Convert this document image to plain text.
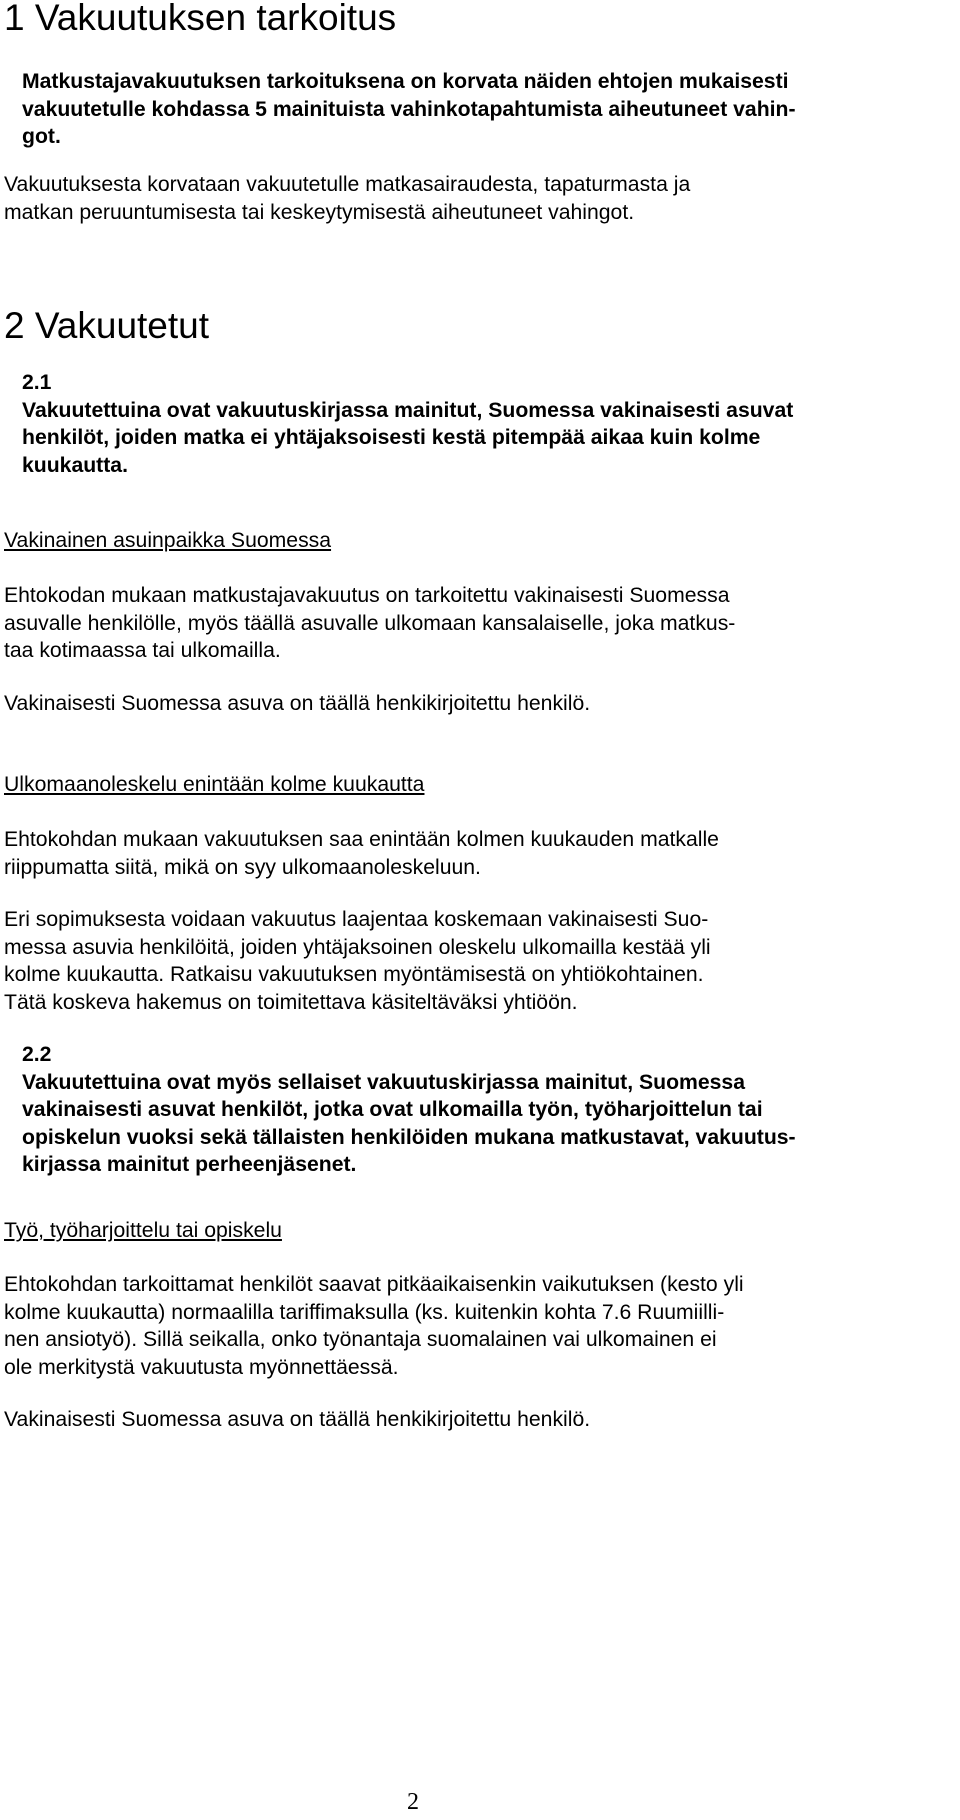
1 Vakuutuksen tarkoitus
Matkustajavakuutuksen tarkoituksena on korvata näiden ehtojen mukaisesti
vakuutetulle kohdassa 5 mainituista vahinkotapahtumista aiheutuneet vahin-
got.
Vakuutuksesta korvataan vakuutetulle matkasairaudesta, tapaturmasta ja
matkan peruuntumisesta tai keskeytymisestä aiheutuneet vahingot.
2 Vakuutetut
2.1
Vakuutettuina ovat vakuutuskirjassa mainitut, Suomessa vakinaisesti asuvat
henkilöt, joiden matka ei yhtäjaksoisesti kestä pitempää aikaa kuin kolme
kuukautta.
Vakinainen asuinpaikka Suomessa
Ehtokodan mukaan matkustajavakuutus on tarkoitettu vakinaisesti Suomessa
asuvalle henkilölle, myös täällä asuvalle ulkomaan kansalaiselle, joka matkus-
taa kotimaassa tai ulkomailla.
Vakinaisesti Suomessa asuva on täällä henkikirjoitettu henkilö.
Ulkomaanoleskelu enintään kolme kuukautta
Ehtokohdan mukaan vakuutuksen saa enintään kolmen kuukauden matkalle
riippumatta siitä, mikä on syy ulkomaanoleskeluun.
Eri sopimuksesta voidaan vakuutus laajentaa koskemaan vakinaisesti Suo-
messa asuvia henkilöitä, joiden yhtäjaksoinen oleskelu ulkomailla kestää yli
kolme kuukautta. Ratkaisu vakuutuksen myöntämisestä on yhtiökohtainen.
Tätä koskeva hakemus on toimitettava käsiteltäväksi yhtiöön.
2.2
Vakuutettuina ovat myös sellaiset vakuutuskirjassa mainitut, Suomessa
vakinaisesti asuvat henkilöt, jotka ovat ulkomailla työn, työharjoittelun tai
opiskelun vuoksi sekä tällaisten henkilöiden mukana matkustavat, vakuutus-
kirjassa mainitut perheenjäsenet.
Työ, työharjoittelu tai opiskelu
Ehtokohdan tarkoittamat henkilöt saavat pitkäaikaisenkin vaikutuksen (kesto yli
kolme kuukautta) normaalilla tariffimaksulla (ks. kuitenkin kohta 7.6 Ruumiilli-
nen ansiotyö). Sillä seikalla, onko työnantaja suomalainen vai ulkomainen ei
ole merkitystä vakuutusta myönnettäessä.
Vakinaisesti Suomessa asuva on täällä henkikirjoitettu henkilö.
2
